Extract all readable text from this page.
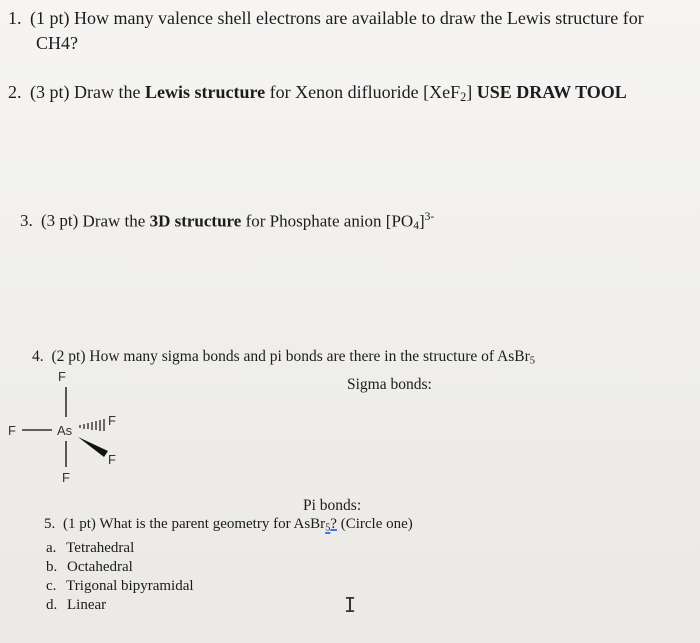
1. (1 pt) How many valence shell electrons are available to draw the Lewis structure for
CH4?
2. (3 pt) Draw the Lewis structure for Xenon difluoride [XeF$_2$] USE DRAW TOOL
3. (3 pt) Draw the 3D structure for Phosphate anion $[PO_4]^{3-}$
4. (2 pt) How many sigma bonds and pi bonds are there in the structure of AsBr$_5$
Sigma bonds:
Pi bonds:
F
F	As
F
F
F
5. (1 pt) What is the parent geometry for AsBr$_5$? (Circle one)
a. Tetrahedral
b. Octahedral
c. Trigonal bipyramidal
d. Linear	I
